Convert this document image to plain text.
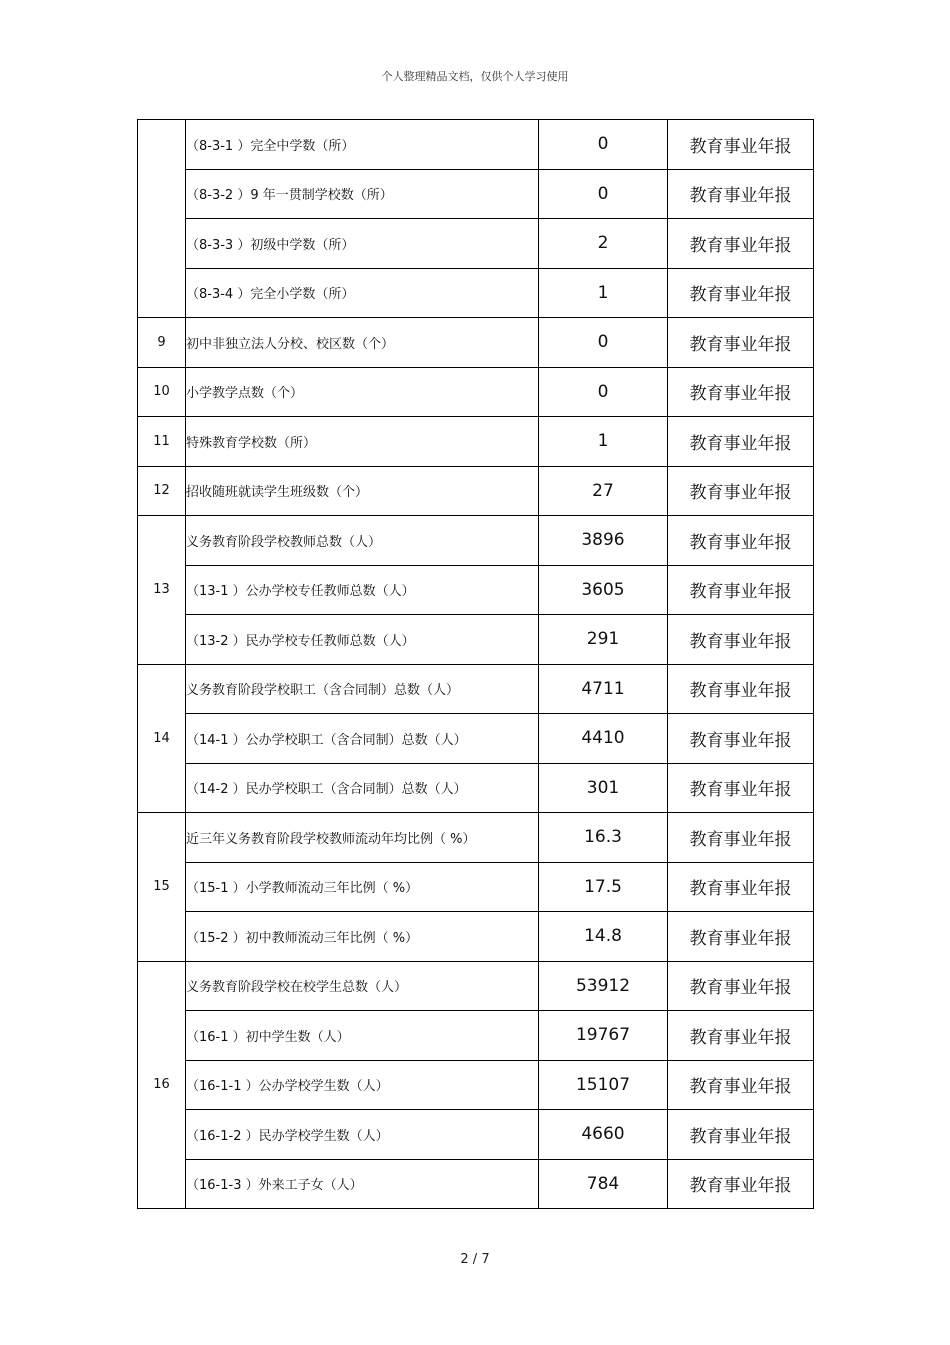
个人整理精品文档，仅供个人学习使用
	（8-3-1 ）完全中学数（所）	0	教育事业年报
	（8-3-2 ）9 年一贯制学校数（所）	0	教育事业年报
	（8-3-3 ）初级中学数（所）	2	教育事业年报
	（8-3-4 ）完全小学数（所）	1	教育事业年报
9	初中非独立法人分校、校区数（个）	0	教育事业年报
10	小学教学点数（个）	0	教育事业年报
11	特殊教育学校数（所）	1	教育事业年报
12	招收随班就读学生班级数（个）	27	教育事业年报
13	义务教育阶段学校教师总数（人）	3896	教育事业年报
	（13-1 ）公办学校专任教师总数（人）	3605	教育事业年报
	（13-2 ）民办学校专任教师总数（人）	291	教育事业年报
14	义务教育阶段学校职工（含合同制）总数（人）	4711	教育事业年报
	（14-1 ）公办学校职工（含合同制）总数（人）	4410	教育事业年报
	（14-2 ）民办学校职工（含合同制）总数（人）	301	教育事业年报
15	近三年义务教育阶段学校教师流动年均比例（ %）	16.3	教育事业年报
	（15-1 ）小学教师流动三年比例（ %）	17.5	教育事业年报
	（15-2 ）初中教师流动三年比例（ %）	14.8	教育事业年报
16	义务教育阶段学校在校学生总数（人）	53912	教育事业年报
	（16-1 ）初中学生数（人）	19767	教育事业年报
	（16-1-1 ）公办学校学生数（人）	15107	教育事业年报
	（16-1-2 ）民办学校学生数（人）	4660	教育事业年报
	（16-1-3 ）外来工子女（人）	784	教育事业年报
2 / 7
